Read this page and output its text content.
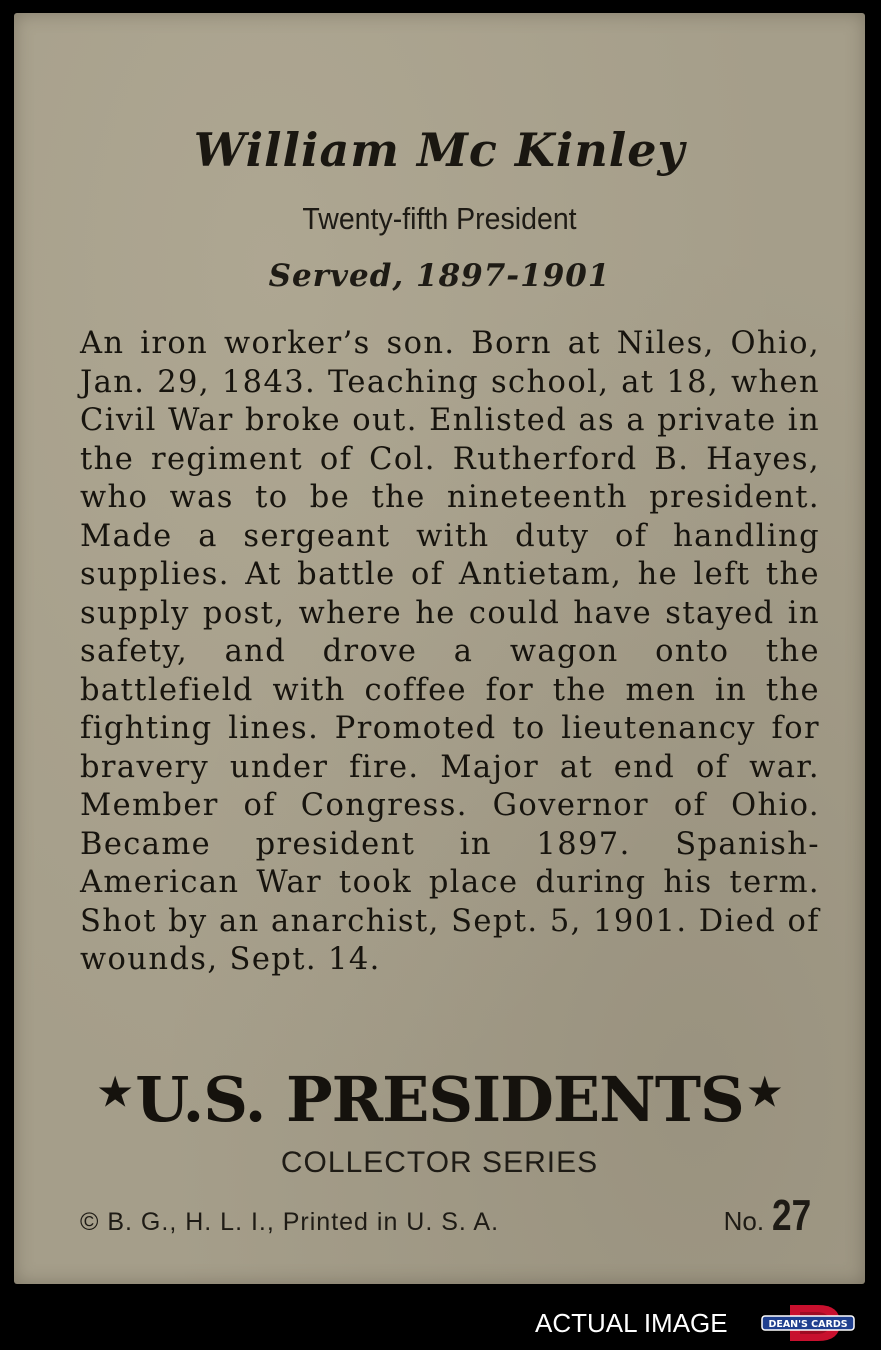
William Mc Kinley
Twenty-fifth President
Served, 1897-1901

An iron worker’s son. Born at Niles, Ohio, Jan. 29, 1843. Teaching school, at 18, when Civil War broke out. Enlisted as a private in the regiment of Col. Rutherford B. Hayes, who was to be the nineteenth president. Made a sergeant with duty of handling supplies. At battle of Antietam, he left the supply post, where he could have stayed in safety, and drove a wagon onto the battlefield with coffee for the men in the fighting lines. Promoted to lieutenancy for bravery under fire. Major at end of war. Member of Congress. Governor of Ohio. Became president in 1897. Spanish-American War took place during his term. Shot by an anarchist, Sept. 5, 1901. Died of wounds, Sept. 14.

★U.S. PRESIDENTS ★
COLLECTOR SERIES
© B. G., H. L. I., Printed in U. S. A.	No. 27
ACTUAL IMAGE	DEAN'S CARDS
